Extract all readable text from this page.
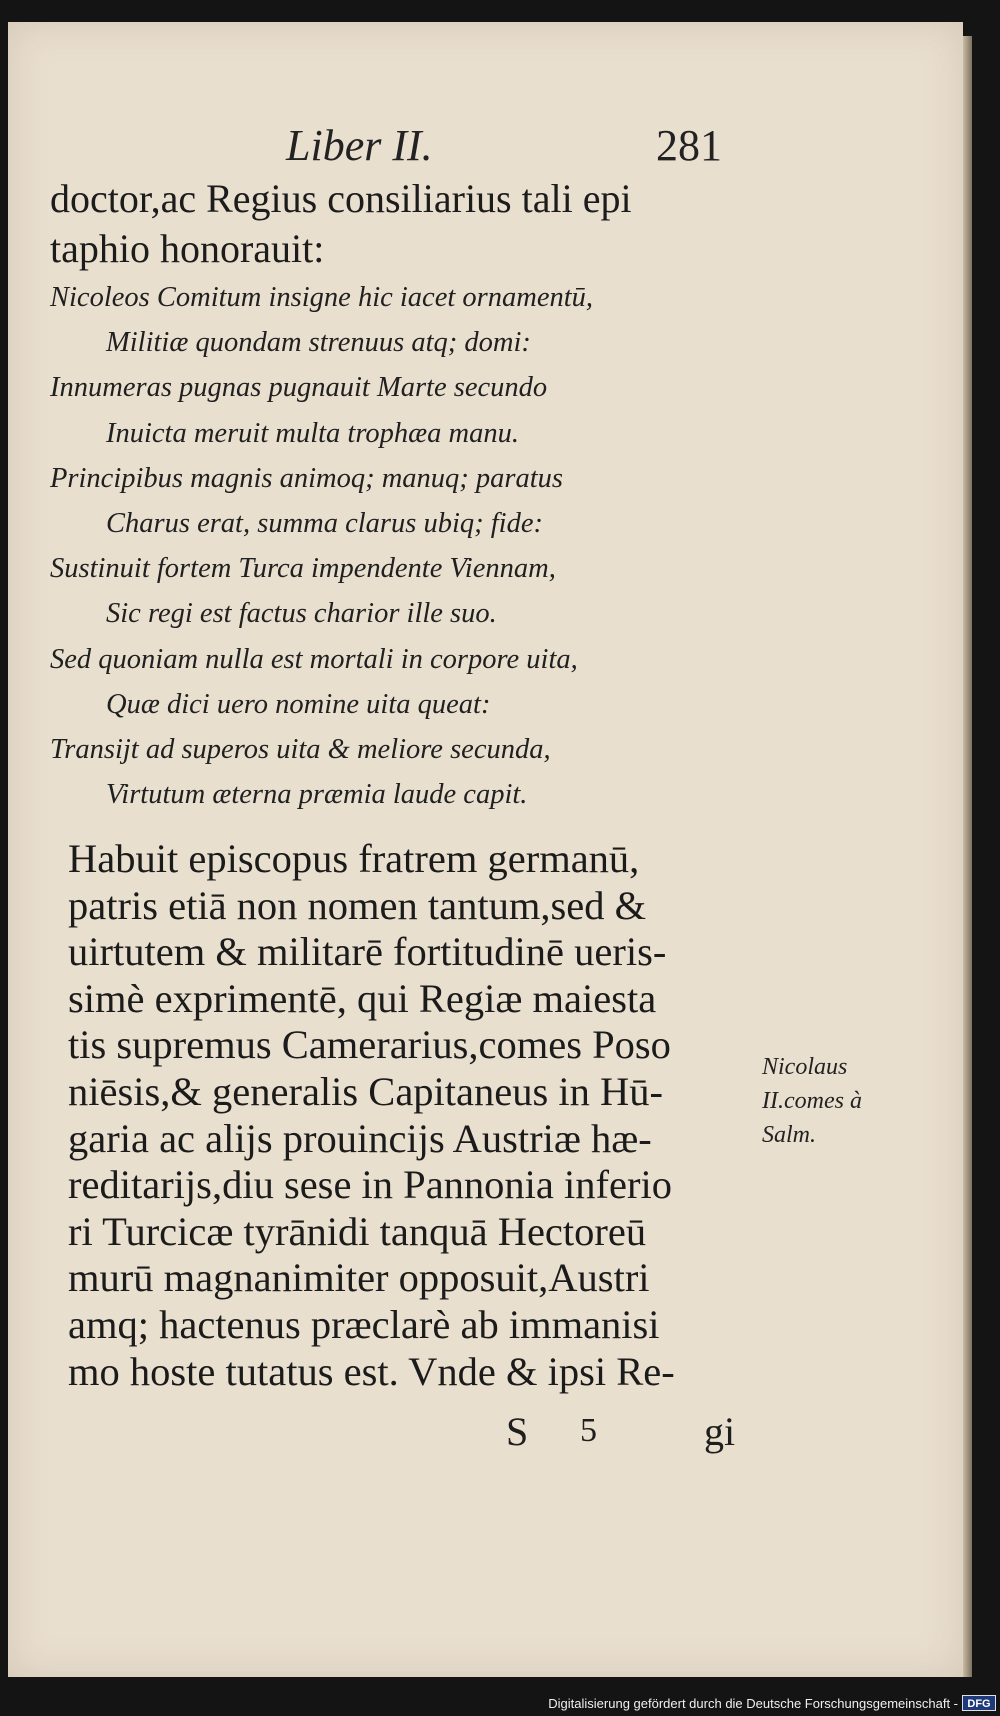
Liber II.	281

doctor,ac Regius consiliarius tali epi

taphio honorauit:

Nicoleos Comitum insigne hic iacet ornamentū,
Militiæ quondam strenuus atq; domi:
Innumeras pugnas pugnauit Marte secundo
Inuicta meruit multa trophæa manu.
Principibus magnis animoq; manuq; paratus
Charus erat, summa clarus ubiq; fide:
Sustinuit fortem Turca impendente Viennam,
Sic regi est factus charior ille suo.
Sed quoniam nulla est mortali in corpore uita,
Quæ dici uero nomine uita queat:
Transijt ad superos uita & meliore secunda,
Virtutum æterna præmia laude capit.
Habuit episcopus fratrem germanū,
patris etiā non nomen tantum,sed &
uirtutem & militarē fortitudinē ueris-
simè exprimentē, qui Regiæ maiesta
tis supremus Camerarius,comes Poso
niēsis,& generalis Capitaneus in Hū-
garia ac alijs prouincijs Austriæ hæ-
reditarijs,diu sese in Pannonia inferio
ri Turcicæ tyrānidi tanquā Hectoreū
murū magnanimiter opposuit,Austri
amq; hactenus præclarè ab immanisi
mo hoste tutatus est. Vnde & ipsi Re-
Nicolaus
II.comes à
Salm.
S 5	gi
Digitalisierung gefördert durch die Deutsche Forschungsgemeinschaft - DFG
